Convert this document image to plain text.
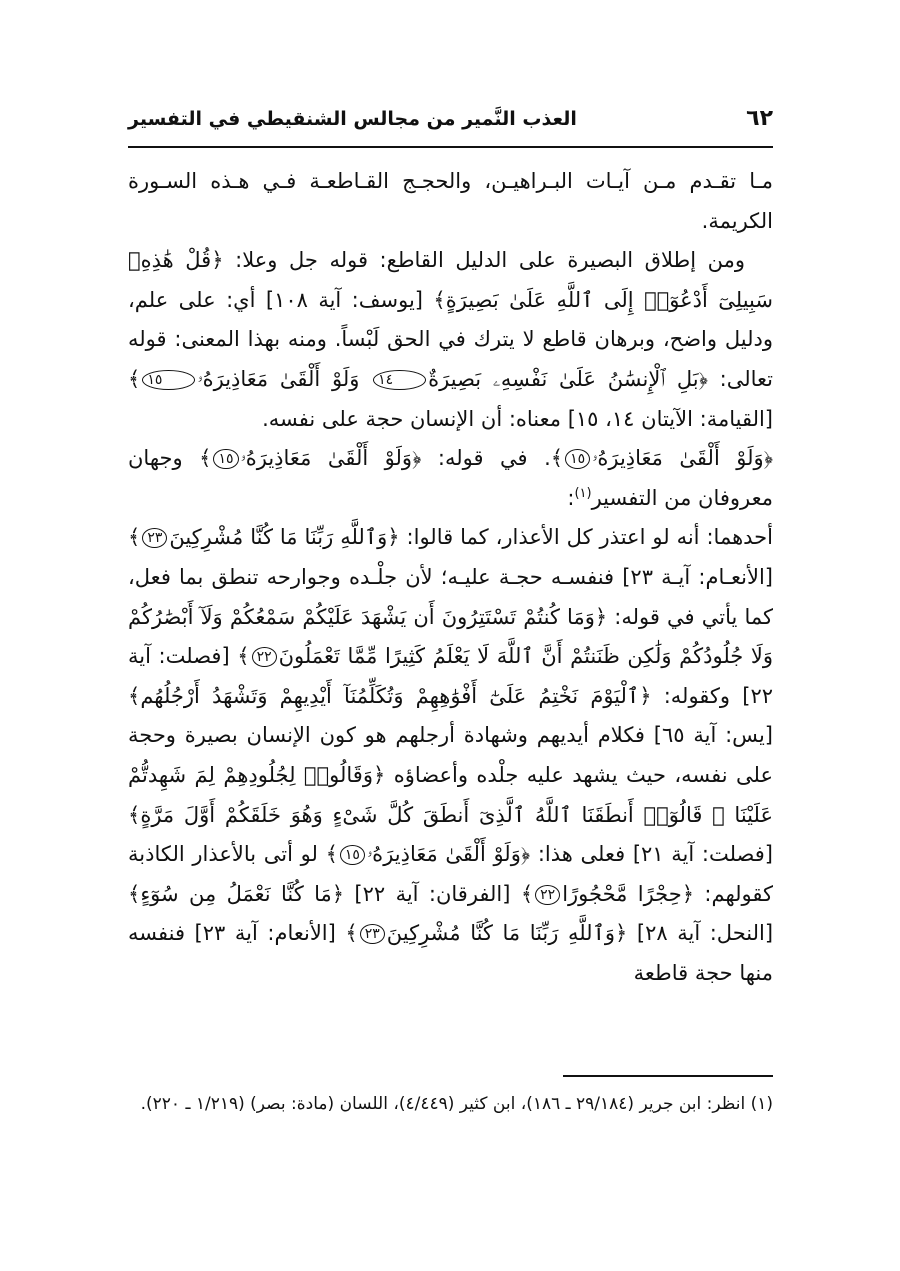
٦٢
العذب النَّمير من مجالس الشنقيطي في التفسير

مـا تقـدم مـن آيـات البـراهيـن، والحجـج القـاطعـة فـي هـذه السـورة الكريمة.

ومن إطلاق البصيرة على الدليل القاطع: قوله جل وعلا: ﴿قُلْ هَٰذِهِۦ سَبِيلِىٓ أَدْعُوٓا۟ إِلَى ٱللَّهِ عَلَىٰ بَصِيرَةٍ﴾ [يوسف: آية ١٠٨] أي: على علم، ودليل واضح، وبرهان قاطع لا يترك في الحق لَبْساً. ومنه بهذا المعنى: قوله تعالى: ﴿بَلِ ٱلْإِنسَٰنُ عَلَىٰ نَفْسِهِۦ بَصِيرَةٌ١٤ وَلَوْ أَلْقَىٰ مَعَاذِيرَهُۥ١٥﴾ [القيامة: الآيتان ١٤، ١٥] معناه: أن الإنسان حجة على نفسه.

﴿وَلَوْ أَلْقَىٰ مَعَاذِيرَهُۥ١٥﴾. في قوله: ﴿وَلَوْ أَلْقَىٰ مَعَاذِيرَهُۥ١٥﴾ وجهان معروفان من التفسير$^{(١)}$:

أحدهما: أنه لو اعتذر كل الأعذار، كما قالوا: ﴿وَٱللَّهِ رَبِّنَا مَا كُنَّا مُشْرِكِينَ٢٣﴾ [الأنعـام: آيـة ٢٣] فنفسـه حجـة عليـه؛ لأن جلْـده وجوارحه تنطق بما فعل، كما يأتي في قوله: ﴿وَمَا كُنتُمْ تَسْتَتِرُونَ أَن يَشْهَدَ عَلَيْكُمْ سَمْعُكُمْ وَلَآ أَبْصَٰرُكُمْ وَلَا جُلُودُكُمْ وَلَٰكِن ظَنَنتُمْ أَنَّ ٱللَّهَ لَا يَعْلَمُ كَثِيرًا مِّمَّا تَعْمَلُونَ٢٢﴾ [فصلت: آية ٢٢] وكقوله: ﴿ٱلْيَوْمَ نَخْتِمُ عَلَىٰٓ أَفْوَٰهِهِمْ وَتُكَلِّمُنَآ أَيْدِيهِمْ وَتَشْهَدُ أَرْجُلُهُم﴾ [يس: آية ٦٥] فكلام أيديهم وشهادة أرجلهم هو كون الإنسان بصيرة وحجة على نفسه، حيث يشهد عليه جلْده وأعضاؤه ﴿وَقَالُوا۟ لِجُلُودِهِمْ لِمَ شَهِدتُّمْ عَلَيْنَا ۖ قَالُوٓا۟ أَنطَقَنَا ٱللَّهُ ٱلَّذِىٓ أَنطَقَ كُلَّ شَىْءٍ وَهُوَ خَلَقَكُمْ أَوَّلَ مَرَّةٍ﴾ [فصلت: آية ٢١] فعلى هذا: ﴿وَلَوْ أَلْقَىٰ مَعَاذِيرَهُۥ١٥﴾ لو أتى بالأعذار الكاذبة كقولهم: ﴿حِجْرًا مَّحْجُورًا٢٢﴾ [الفرقان: آية ٢٢] ﴿مَا كُنَّا نَعْمَلُ مِن سُوٓءٍ﴾ [النحل: آية ٢٨] ﴿وَٱللَّهِ رَبِّنَا مَا كُنَّا مُشْرِكِينَ٢٣﴾ [الأنعام: آية ٢٣] فنفسه منها حجة قاطعة

(١) انظر: ابن جرير (٢٩/١٨٤ ـ ١٨٦)، ابن كثير (٤/٤٤٩)، اللسان (مادة: بصر) (١/٢١٩ ـ ٢٢٠).
